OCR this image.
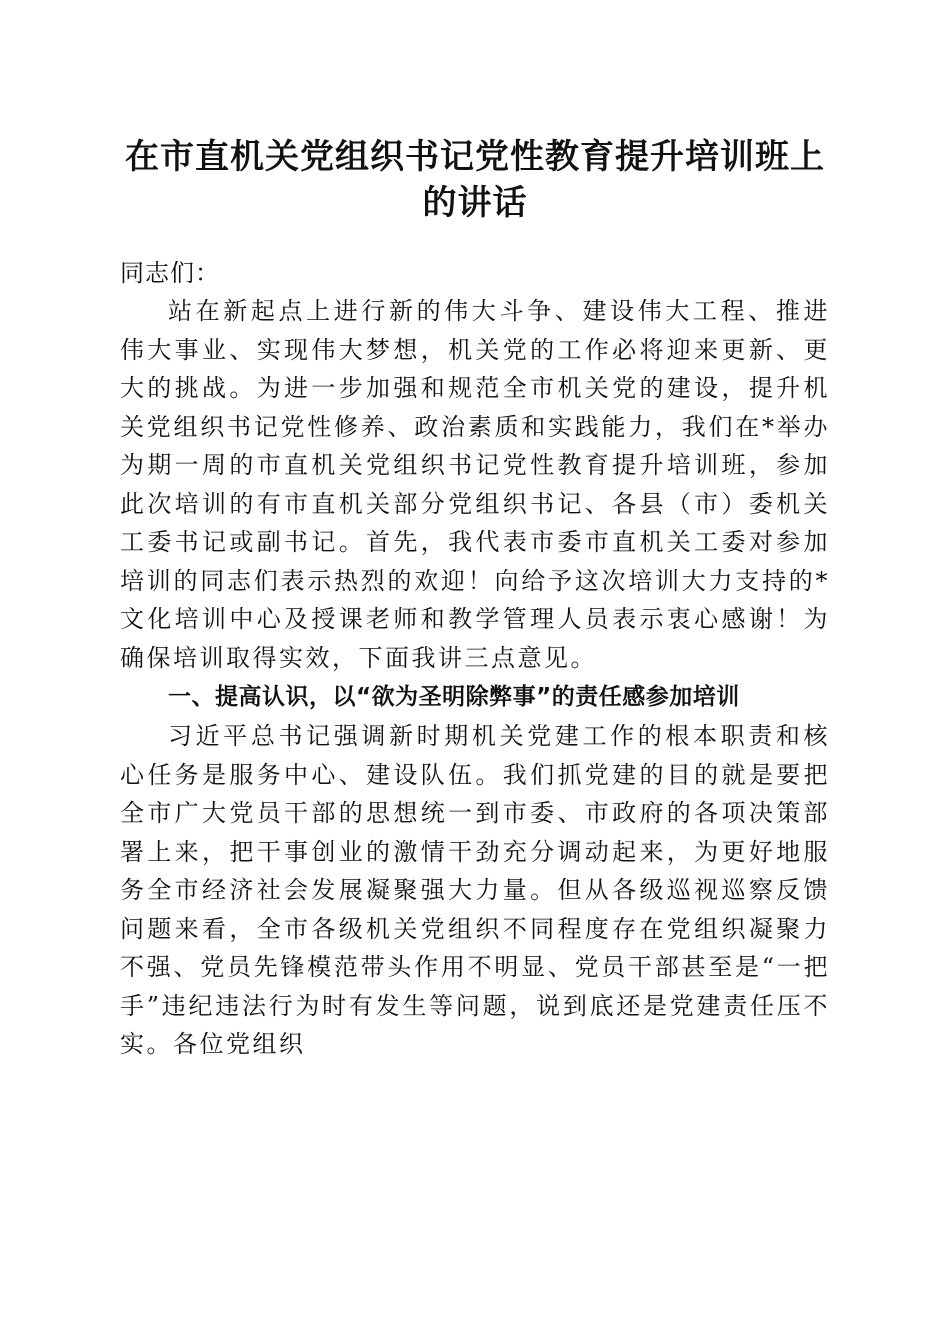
在市直机关党组织书记党性教育提升培训班上
的讲话

同志们：

站在新起点上进行新的伟大斗争、建设伟大工程、推进伟大事业、实现伟大梦想，机关党的工作必将迎来更新、更大的挑战。为进一步加强和规范全市机关党的建设，提升机关党组织书记党性修养、政治素质和实践能力，我们在*举办为期一周的市直机关党组织书记党性教育提升培训班，参加此次培训的有市直机关部分党组织书记、各县（市）委机关工委书记或副书记。首先，我代表市委市直机关工委对参加培训的同志们表示热烈的欢迎！向给予这次培训大力支持的*文化培训中心及授课老师和教学管理人员表示衷心感谢！为确保培训取得实效，下面我讲三点意见。

一、提高认识，以“欲为圣明除弊事”的责任感参加培训

习近平总书记强调新时期机关党建工作的根本职责和核心任务是服务中心、建设队伍。我们抓党建的目的就是要把全市广大党员干部的思想统一到市委、市政府的各项决策部署上来，把干事创业的激情干劲充分调动起来，为更好地服务全市经济社会发展凝聚强大力量。但从各级巡视巡察反馈问题来看，全市各级机关党组织不同程度存在党组织凝聚力不强、党员先锋模范带头作用不明显、党员干部甚至是“一把手”违纪违法行为时有发生等问题，说到底还是党建责任压不实。各位党组织
